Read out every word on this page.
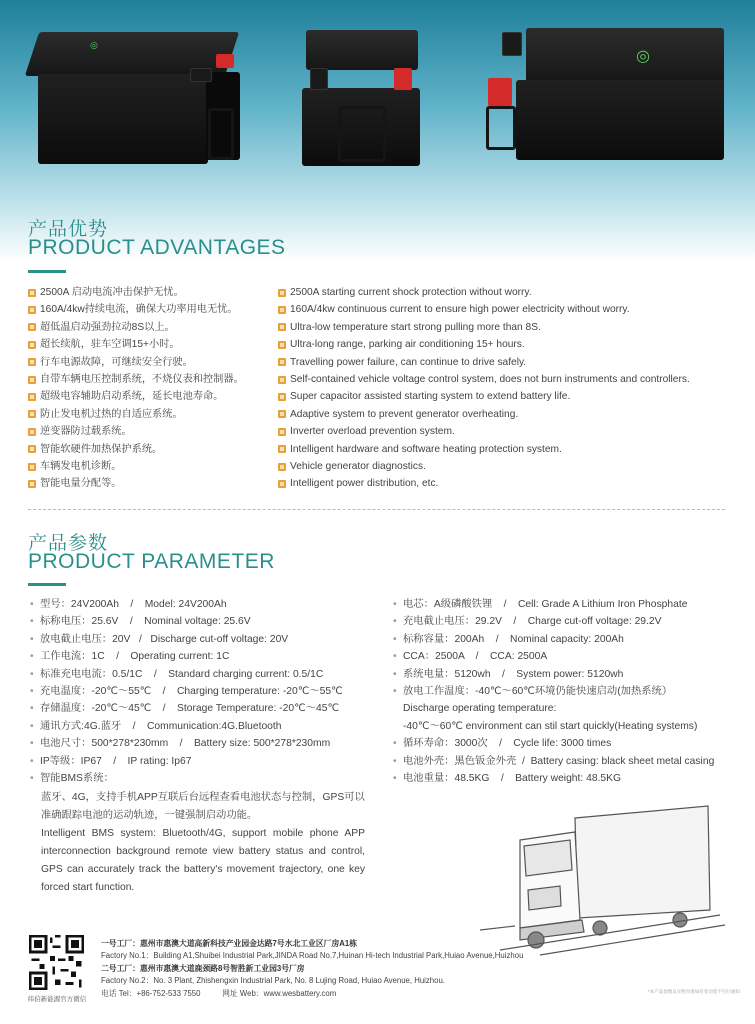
◎
◎
产品优势
PRODUCT ADVANTAGES
2500A 启动电流冲击保护无忧。
160A/4kw持续电流，确保大功率用电无忧。
超低温启动强劲拉动8S以上。
超长续航，驻车空调15+小时。
行车电源故障，可继续安全行驶。
自带车辆电压控制系统，不烧仪表和控制器。
超级电容辅助启动系统，延长电池寿命。
防止发电机过热的自适应系统。
逆变器防过载系统。
智能软硬件加热保护系统。
车辆发电机诊断。
智能电量分配等。
2500A starting current shock protection without worry.
160A/4kw continuous current to ensure high power electricity without worry.
Ultra-low temperature start strong pulling more than 8S.
Ultra-long range, parking air conditioning 15+ hours.
Travelling power failure, can continue to drive safely.
Self-contained vehicle voltage control system, does not burn instruments and controllers.
Super capacitor assisted starting system to extend battery life.
Adaptive system to prevent generator overheating.
Inverter overload prevention system.
Intelligent hardware and software heating protection system.
Vehicle generator diagnostics.
Intelligent power distribution, etc.
产品参数
PRODUCT PARAMETER
• 型号：24V200Ah    /    Model: 24V200Ah
• 标称电压：25.6V    /    Nominal voltage: 25.6V
• 放电截止电压：20V   /   Discharge cut-off voltage: 20V
• 工作电流：1C    /    Operating current: 1C
• 标准充电电流：0.5/1C    /    Standard charging current: 0.5/1C
• 充电温度：-20℃～55℃    /    Charging temperature: -20℃～55℃
• 存储温度：-20℃～45℃    /    Storage Temperature: -20℃～45℃
• 通讯方式:4G.蓝牙    /    Communication:4G.Bluetooth
• 电池尺寸：500*278*230mm    /    Battery size: 500*278*230mm
• IP等级：IP67    /    IP rating: Ip67
• 智能BMS系统：
蓝牙、4G，支持手机APP互联后台远程查看电池状态与控制，GPS可以准确跟踪电池的运动轨迹，一键强制启动功能。
Intelligent BMS system: Bluetooth/4G, support mobile phone APP interconnection background remote view battery status and control, GPS can accurately track the battery's movement trajectory, one key forced start function.
• 电芯：A级磷酸铁锂    /    Cell: Grade A Lithium Iron Phosphate
• 充电截止电压：29.2V    /    Charge cut-off voltage: 29.2V
• 标称容量：200Ah    /    Nominal capacity: 200Ah
• CCA：2500A    /    CCA: 2500A
• 系统电量：5120wh    /    System power: 5120wh
• 放电工作温度：-40℃～60℃环境仍能快速启动(加热系统）
Discharge operating temperature:
-40℃～60℃ environment can stil start quickly(Heating systems)
• 循环寿命：3000次    /    Cycle life: 3000 times
• 电池外壳：黑色钣金外壳  /  Battery casing: black sheet metal casing
• 电池重量：48.5KG    /    Battery weight: 48.5KG
纬伯新能源官方微信
一号工厂：惠州市惠澳大道高新科技产业园金达路7号水北工业区厂房A1栋
Factory No.1：Building A1,Shuibei Industrial Park,JINDA Road No.7,Huinan Hi-tech Industrial Park,Huiao Avenue,Huizhou
二号工厂：惠州市惠澳大道鹿颈路8号智胜新工业园3号厂房
Factory No.2：No. 3 Plant, Zhishengxin Industrial Park, No. 8 Lujing Road, Huiao Avenue, Huizhou.
电话 Tel：+86-752-533 7550          网址 Web：www.wesbattery.com	*本产品参数以实物为准如有变动恕不另行通知
